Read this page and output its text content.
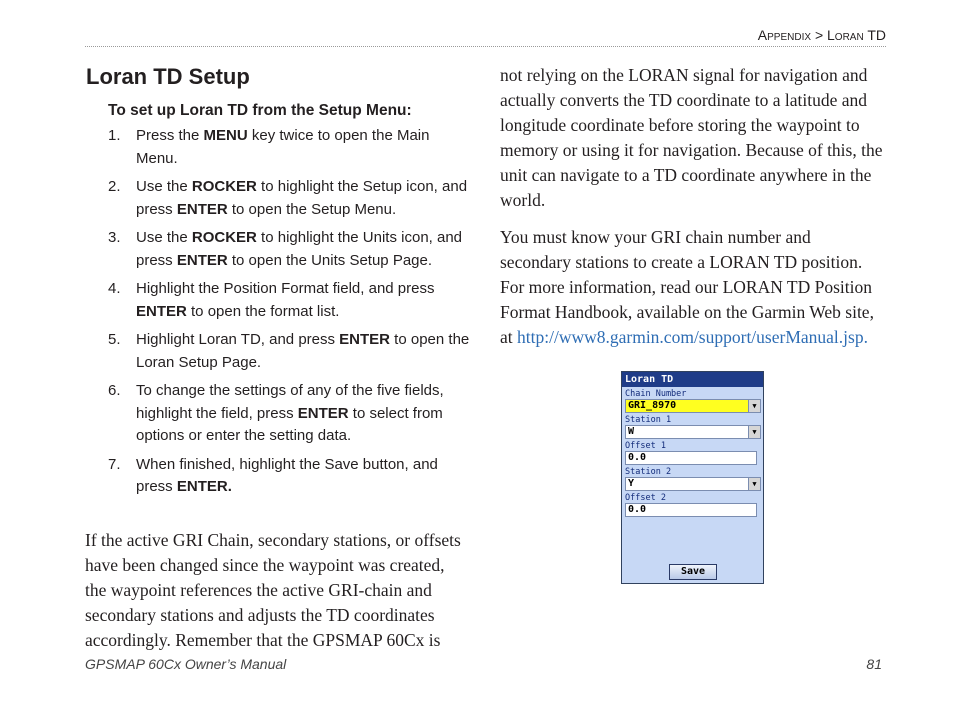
Appendix > Loran TD
Loran TD Setup
To set up Loran TD from the Setup Menu:
1.	Press the MENU key twice to open the Main Menu.
2.	Use the ROCKER to highlight the Setup icon, and press ENTER to open the Setup Menu.
3.	Use the ROCKER to highlight the Units icon, and press ENTER to open the Units Setup Page.
4.	Highlight the Position Format field, and press ENTER to open the format list.
5.	Highlight Loran TD, and press ENTER to open the Loran Setup Page.
6.	To change the settings of any of the five fields, highlight the field, press ENTER to select from options or enter the setting data.
7.	When finished, highlight the Save button, and press ENTER.

If the active GRI Chain, secondary stations, or offsets have been changed since the waypoint was created, the waypoint references the active GRI-chain and secondary stations and adjusts the TD coordinates accordingly. Remember that the GPSMAP 60Cx is

not relying on the LORAN signal for navigation and actually converts the TD coordinate to a latitude and longitude coordinate before storing the waypoint to memory or using it for navigation. Because of this, the unit can navigate to a TD coordinate anywhere in the world.

You must know your GRI chain number and secondary stations to create a LORAN TD position. For more information, read our LORAN TD Position Format Handbook, available on the Garmin Web site, at http://www8.garmin.com/support/userManual.jsp.

Loran TD
Chain Number
GRI_8970	▼
Station 1
W	▼
Offset 1
0.0
Station 2
Y	▼
Offset 2
0.0
Save
GPSMAP 60Cx Owner’s Manual	81
